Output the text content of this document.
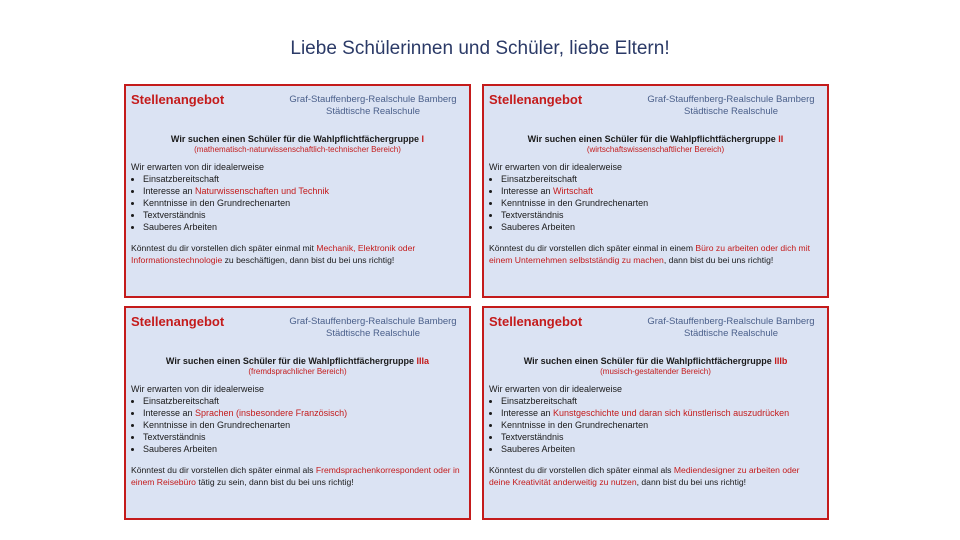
Liebe Schülerinnen und Schüler, liebe Eltern!
Stellenangebot	Graf-Stauffenberg-Realschule Bamberg
Städtische Realschule
Wir suchen einen Schüler für die Wahlpflichtfächergruppe I
(mathematisch-naturwissenschaftlich-technischer Bereich)
Wir erwarten von dir idealerweise
• Einsatzbereitschaft
• Interesse an Naturwissenschaften und Technik
• Kenntnisse in den Grundrechenarten
• Textverständnis
• Sauberes Arbeiten
Könntest du dir vorstellen dich später einmal mit Mechanik, Elektronik oder Informationstechnologie zu beschäftigen, dann bist du bei uns richtig!
Stellenangebot	Graf-Stauffenberg-Realschule Bamberg
Städtische Realschule
Wir suchen einen Schüler für die Wahlpflichtfächergruppe II
(wirtschaftswissenschaftlicher Bereich)
Wir erwarten von dir idealerweise
• Einsatzbereitschaft
• Interesse an Wirtschaft
• Kenntnisse in den Grundrechenarten
• Textverständnis
• Sauberes Arbeiten
Könntest du dir vorstellen dich später einmal in einem Büro zu arbeiten oder dich mit einem Unternehmen selbstständig zu machen, dann bist du bei uns richtig!
Stellenangebot	Graf-Stauffenberg-Realschule Bamberg
Städtische Realschule
Wir suchen einen Schüler für die Wahlpflichtfächergruppe IIIa
(fremdsprachlicher Bereich)
Wir erwarten von dir idealerweise
• Einsatzbereitschaft
• Interesse an Sprachen (insbesondere Französisch)
• Kenntnisse in den Grundrechenarten
• Textverständnis
• Sauberes Arbeiten
Könntest du dir vorstellen dich später einmal als Fremdsprachenkorrespondent oder in einem Reisebüro tätig zu sein, dann bist du bei uns richtig!
Stellenangebot	Graf-Stauffenberg-Realschule Bamberg
Städtische Realschule
Wir suchen einen Schüler für die Wahlpflichtfächergruppe IIIb
(musisch-gestaltender Bereich)
Wir erwarten von dir idealerweise
• Einsatzbereitschaft
• Interesse an Kunstgeschichte und daran sich künstlerisch auszudrücken
• Kenntnisse in den Grundrechenarten
• Textverständnis
• Sauberes Arbeiten
Könntest du dir vorstellen dich später einmal als Mediendesigner zu arbeiten oder deine Kreativität anderweitig zu nutzen, dann bist du bei uns richtig!
